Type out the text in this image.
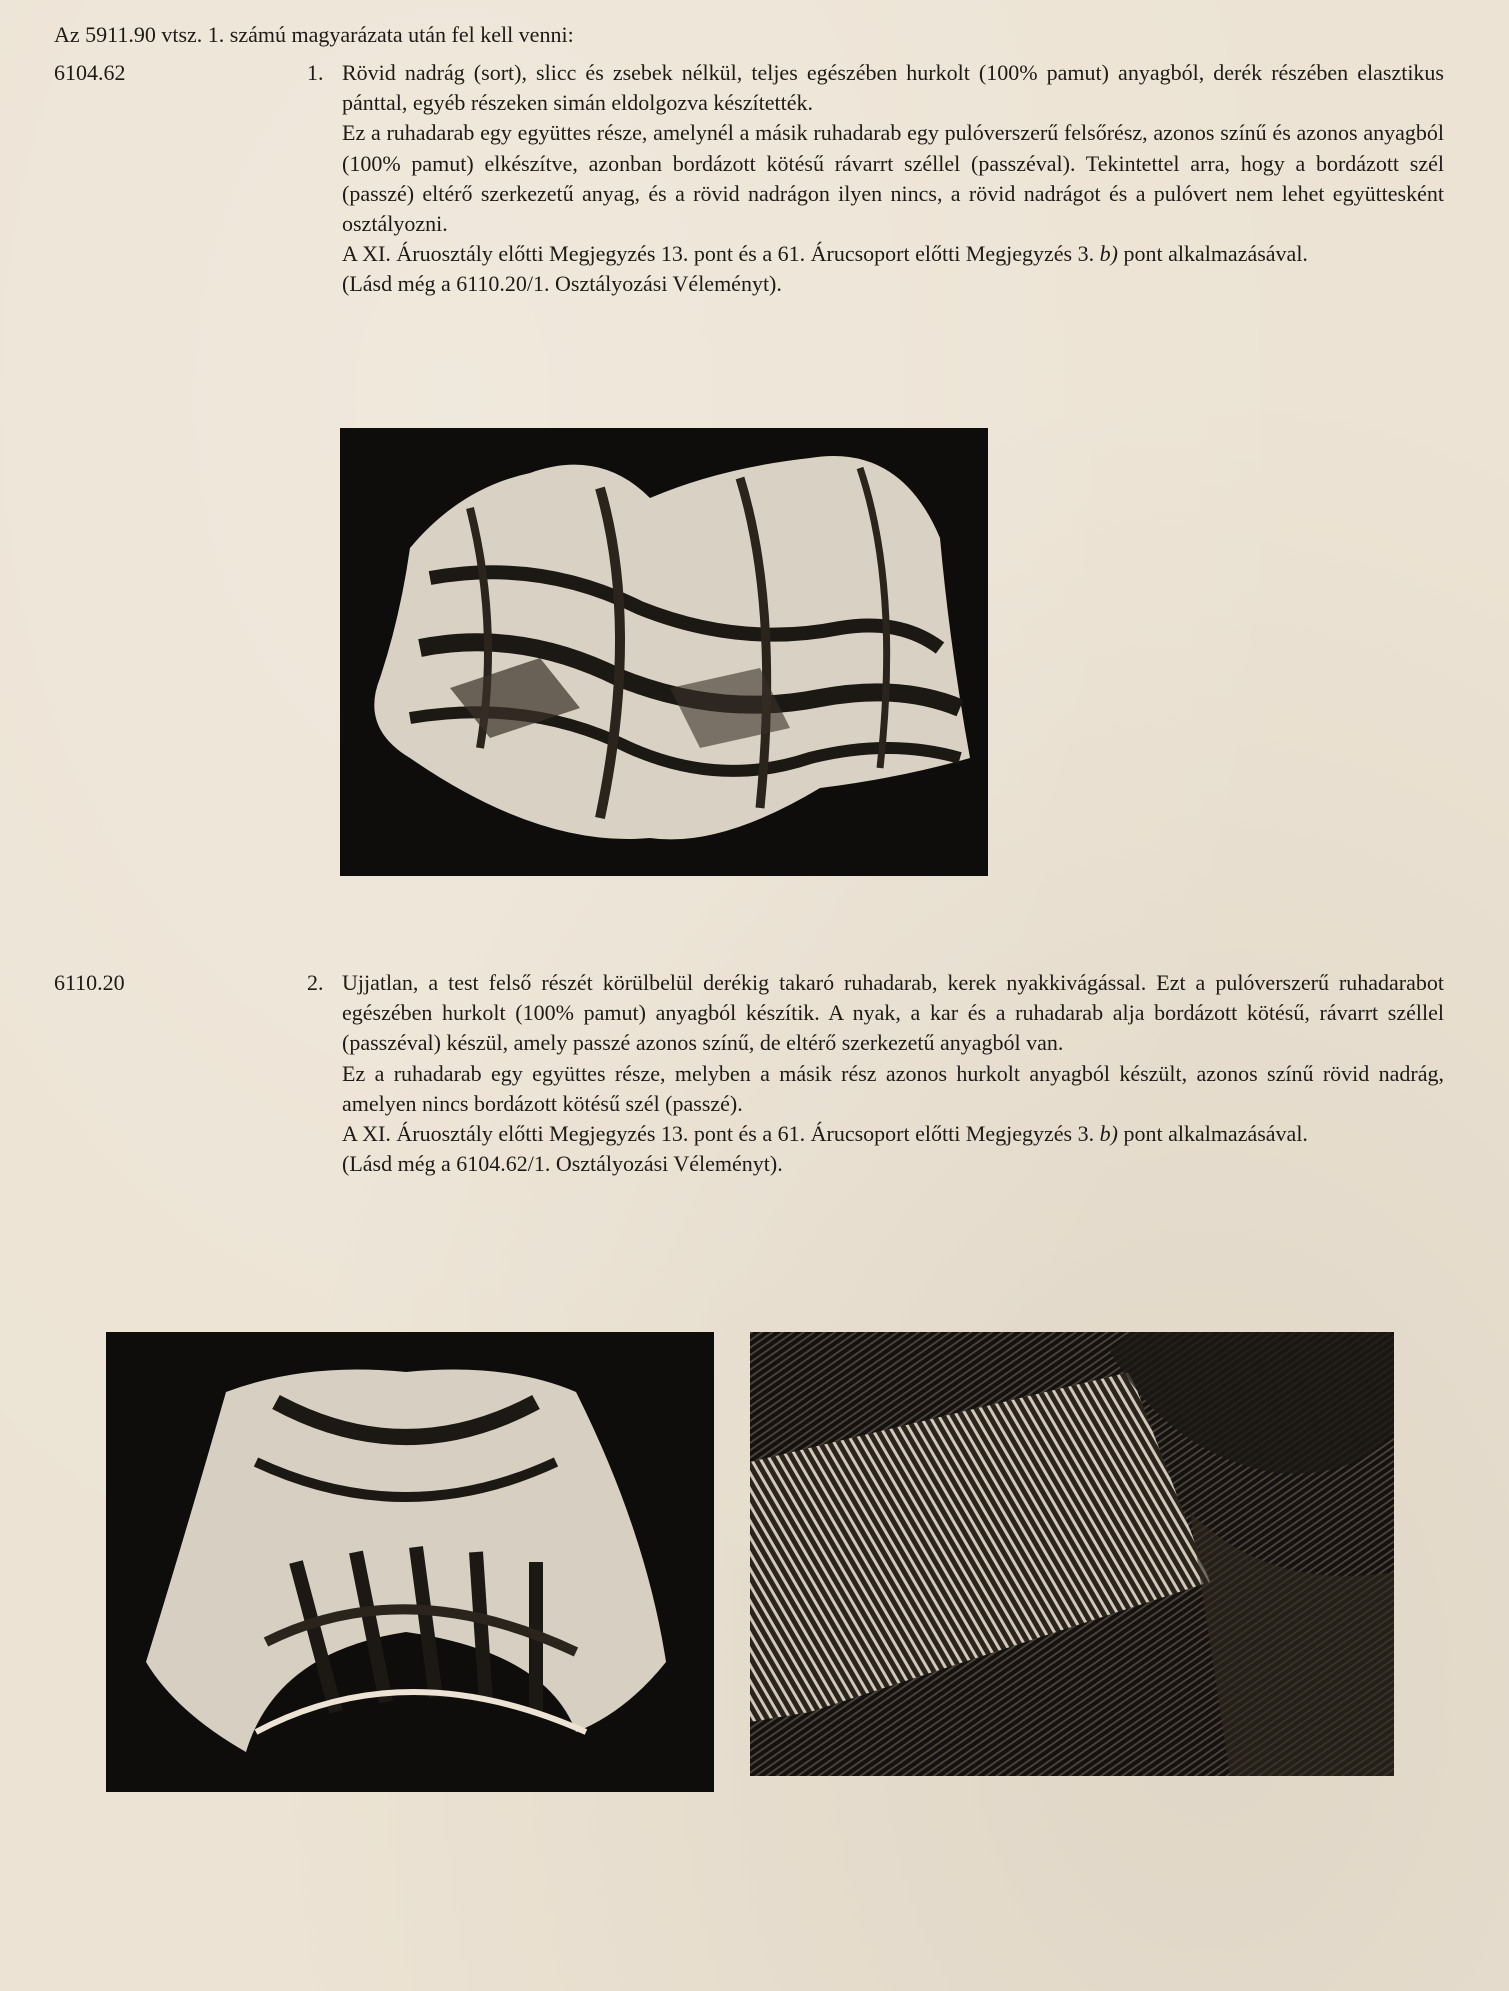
Az 5911.90 vtsz. 1. számú magyarázata után fel kell venni:
6104.62	1. Rövid nadrág (sort), slicc és zsebek nélkül, teljes egészében hurkolt (100% pamut) anyagból, derék részében elasztikus pánttal, egyéb részeken simán eldolgozva készítették.

Ez a ruhadarab egy együttes része, amelynél a másik ruhadarab egy pulóverszerű felsőrész, azonos színű és azonos anyagból (100% pamut) elkészítve, azonban bordázott kötésű rávarrt széllel (passzéval). Tekintettel arra, hogy a bordázott szél (passzé) eltérő szerkezetű anyag, és a rövid nadrágon ilyen nincs, a rövid nadrágot és a pulóvert nem lehet együttesként osztályozni.

A XI. Áruosztály előtti Megjegyzés 13. pont és a 61. Árucsoport előtti Megjegyzés 3. b) pont alkalmazásával.

(Lásd még a 6110.20/1. Osztályozási Véleményt).

6110.20	2. Ujjatlan, a test felső részét körülbelül derékig takaró ruhadarab, kerek nyakkivágással. Ezt a pulóverszerű ruhadarabot egészében hurkolt (100% pamut) anyagból készítik. A nyak, a kar és a ruhadarab alja bordázott kötésű, rávarrt széllel (passzéval) készül, amely passzé azonos színű, de eltérő szerkezetű anyagból van.

Ez a ruhadarab egy együttes része, melyben a másik rész azonos hurkolt anyagból készült, azonos színű rövid nadrág, amelyen nincs bordázott kötésű szél (passzé).

A XI. Áruosztály előtti Megjegyzés 13. pont és a 61. Árucsoport előtti Megjegyzés 3. b) pont alkalmazásával.

(Lásd még a 6104.62/1. Osztályozási Véleményt).
